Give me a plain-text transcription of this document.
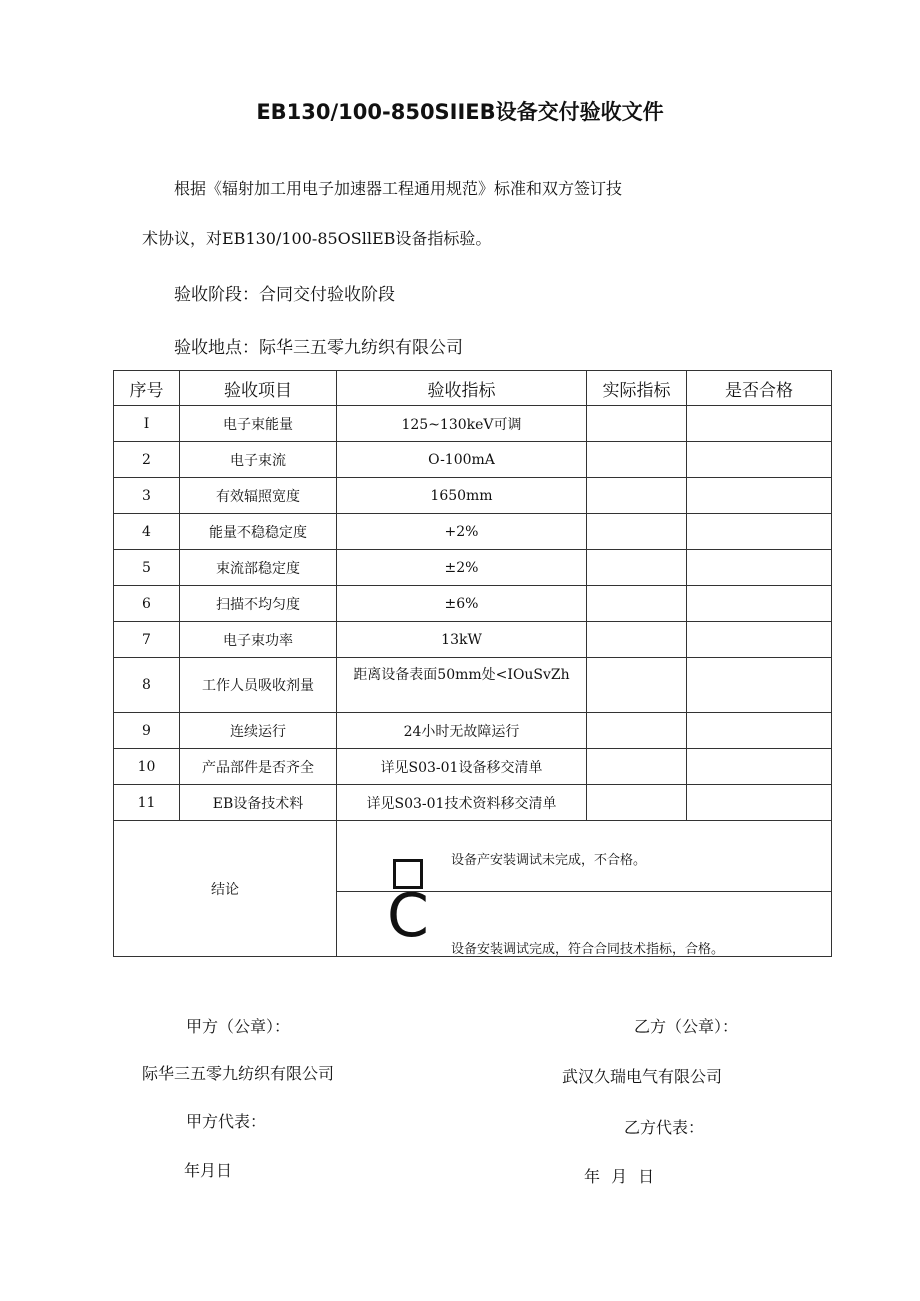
EB130/100-850SIIEB设备交付验收文件
根据《辐射加工用电子加速器工程通用规范》标准和双方签订技
术协议，对EB130/100-85OSllEB设备指标验。
验收阶段：合同交付验收阶段
验收地点：际华三五零九纺织有限公司
序号	验收项目	验收指标	实际指标	是否合格
I	电子束能量	125~130keV可调		
2	电子束流	O-100mA		
3	有效辐照宽度	1650mm		
4	能量不稳稳定度	+2%		
5	束流部稳定度	±2%		
6	扫描不均匀度	±6%		
7	电子束功率	13kW		
8	工作人员吸收剂量	距离设备表面50mm处<IOuSvZh		
9	连续运行	24小时无故障运行		
10	产品部件是否齐全	详见S03-01设备移交清单		
11	EB设备技术料	详见S03-01技术资料移交清单		
结论		设备产安装调试未完成，不合格。
C 设备安装调试完成，符合合同技术指标，合格。		
甲方（公章）：	乙方（公章）：
际华三五零九纺织有限公司	武汉久瑞电气有限公司
甲方代表：	乙方代表：
年月日	年 月 日
